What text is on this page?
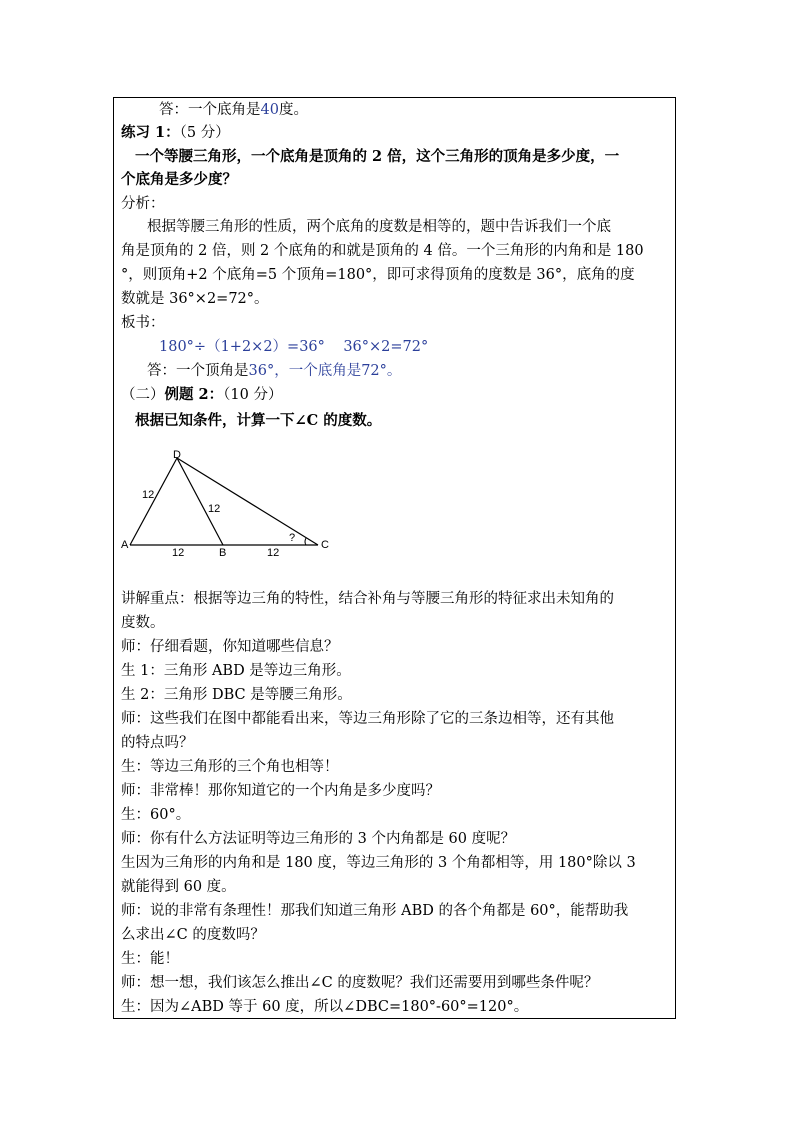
答：一个底角是40度。
练习 1：（5 分）
一个等腰三角形，一个底角是顶角的 2 倍，这个三角形的顶角是多少度，一
个底角是多少度？
分析：
根据等腰三角形的性质，两个底角的度数是相等的，题中告诉我们一个底
角是顶角的 2 倍，则 2 个底角的和就是顶角的 4 倍。一个三角形的内角和是 180
°，则顶角+2 个底角=5 个顶角=180°，即可求得顶角的度数是 36°，底角的度
数就是 36°×2=72°。
板书：
180°÷（1+2×2）=36°    36°×2=72°
答：一个顶角是36°，一个底角是72°。
（二）例题 2：（10 分）
根据已知条件，计算一下∠C 的度数。
D
A
B
C
12
12
12	12
?
讲解重点：根据等边三角的特性，结合补角与等腰三角形的特征求出未知角的
度数。
师：仔细看题，你知道哪些信息？
生 1：三角形 ABD 是等边三角形。
生 2：三角形 DBC 是等腰三角形。
师：这些我们在图中都能看出来，等边三角形除了它的三条边相等，还有其他
的特点吗？
生：等边三角形的三个角也相等！
师：非常棒！那你知道它的一个内角是多少度吗？
生：60°。
师：你有什么方法证明等边三角形的 3 个内角都是 60 度呢？
生因为三角形的内角和是 180 度，等边三角形的 3 个角都相等，用 180°除以 3
就能得到 60 度。
师：说的非常有条理性！那我们知道三角形 ABD 的各个角都是 60°，能帮助我
么求出∠C 的度数吗？
生：能！
师：想一想，我们该怎么推出∠C 的度数呢？我们还需要用到哪些条件呢？
生：因为∠ABD 等于 60 度，所以∠DBC=180°-60°=120°。
